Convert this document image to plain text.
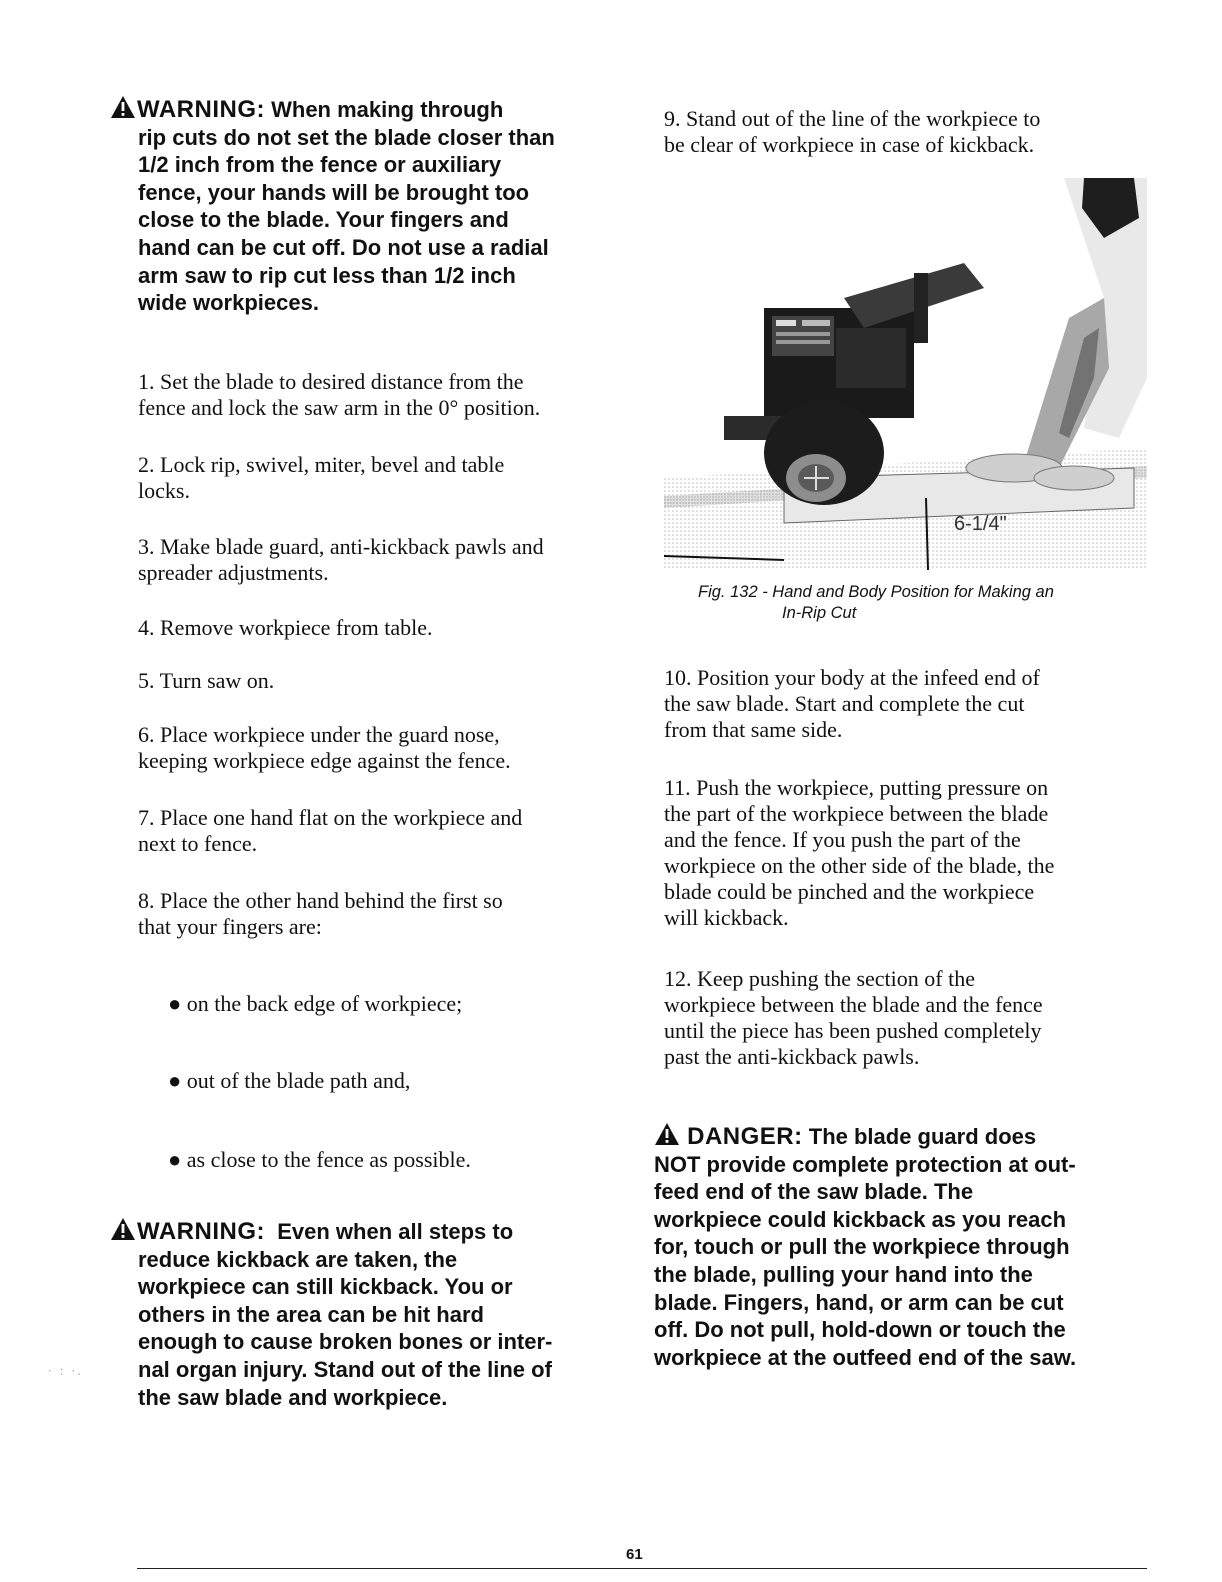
WARNING: When making through
rip cuts do not set the blade closer than
1/2 inch from the fence or auxiliary
fence, your hands will be brought too
close to the blade. Your fingers and
hand can be cut off. Do not use a radial
arm saw to rip cut less than 1/2 inch
wide workpieces.
1. Set the blade to desired distance from the
fence and lock the saw arm in the 0° position.
2. Lock rip, swivel, miter, bevel and table
locks.
3. Make blade guard, anti-kickback pawls and
spreader adjustments.
4. Remove workpiece from table.
5. Turn saw on.
6. Place workpiece under the guard nose,
keeping workpiece edge against the fence.
7. Place one hand flat on the workpiece and
next to fence.
8. Place the other hand behind the first so
that your fingers are:
● on the back edge of workpiece;
● out of the blade path and,
● as close to the fence as possible.
WARNING: Even when all steps to
reduce kickback are taken, the
workpiece can still kickback. You or
others in the area can be hit hard
enough to cause broken bones or inter-
nal organ injury. Stand out of the line of
the saw blade and workpiece.
9. Stand out of the line of the workpiece to
be clear of workpiece in case of kickback.
6-1/4"
Fig. 132 - Hand and Body Position for Making an
In-Rip Cut
10. Position your body at the infeed end of
the saw blade. Start and complete the cut
from that same side.
11. Push the workpiece, putting pressure on
the part of the workpiece between the blade
and the fence. If you push the part of the
workpiece on the other side of the blade, the
blade could be pinched and the workpiece
will kickback.
12. Keep pushing the section of the
workpiece between the blade and the fence
until the piece has been pushed completely
past the anti-kickback pawls.
DANGER: The blade guard does
NOT provide complete protection at out-
feed end of the saw blade. The
workpiece could kickback as you reach
for, touch or pull the workpiece through
the blade, pulling your hand into the
blade. Fingers, hand, or arm can be cut
off. Do not pull, hold-down or touch the
workpiece at the outfeed end of the saw.
· : ·.
61
